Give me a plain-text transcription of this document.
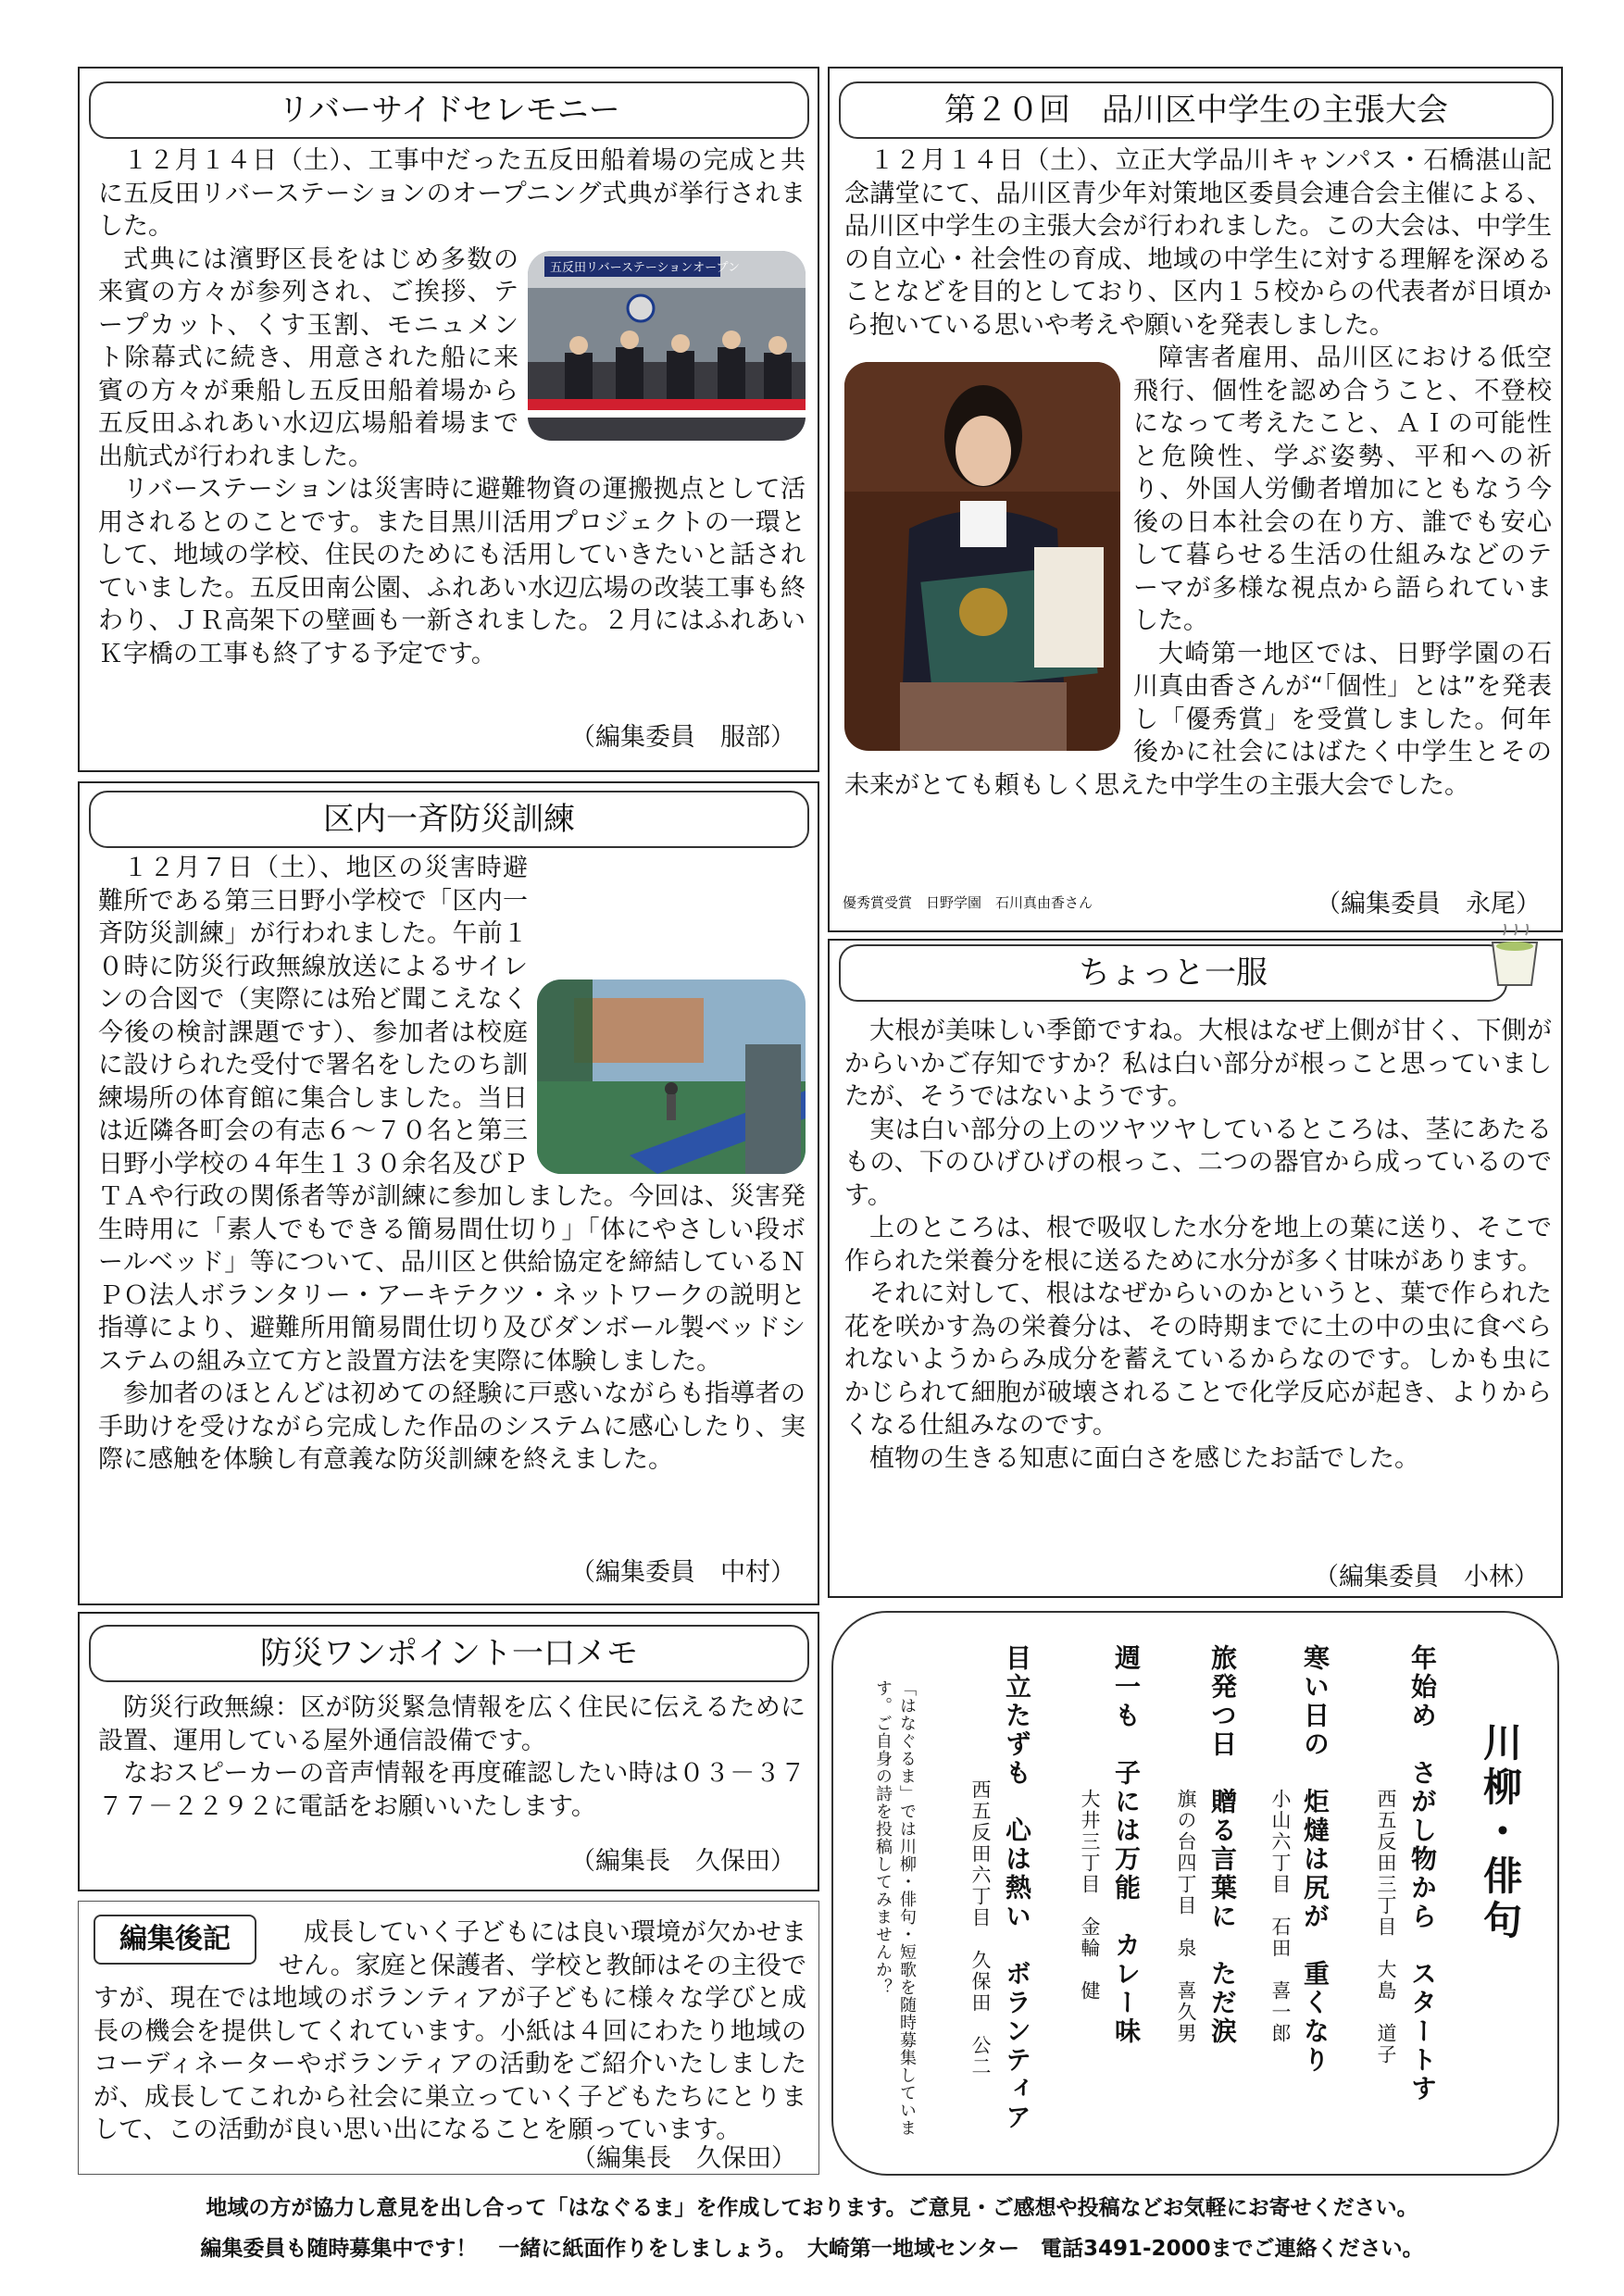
リバーサイドセレモニー

１２月１４日（土）、工事中だった五反田船着場の完成と共に五反田リバーステーションのオープニング式典が挙行されました。

五反田リバーステーションオープン

式典には濱野区長をはじめ多数の来賓の方々が参列され、ご挨拶、テープカット、くす玉割、モニュメント除幕式に続き、用意された船に来賓の方々が乗船し五反田船着場から五反田ふれあい水辺広場船着場まで出航式が行われました。

リバーステーションは災害時に避難物資の運搬拠点として活用されるとのことです。また目黒川活用プロジェクトの一環として、地域の学校、住民のためにも活用していきたいと話されていました。五反田南公園、ふれあい水辺広場の改装工事も終わり、ＪＲ高架下の壁画も一新されました。２月にはふれあいＫ字橋の工事も終了する予定です。

（編集委員　服部）
第２０回　品川区中学生の主張大会

１２月１４日（土）、立正大学品川キャンパス・石橋湛山記念講堂にて、品川区青少年対策地区委員会連合会主催による、品川区中学生の主張大会が行われました。この大会は、中学生の自立心・社会性の育成、地域の中学生に対する理解を深めることなどを目的としており、区内１５校からの代表者が日頃から抱いている思いや考えや願いを発表しました。

障害者雇用、品川区における低空飛行、個性を認め合うこと、不登校になって考えたこと、ＡＩの可能性と危険性、学ぶ姿勢、平和への祈り、外国人労働者増加にともなう今後の日本社会の在り方、誰でも安心して暮らせる生活の仕組みなどのテーマが多様な視点から語られていました。

大崎第一地区では、日野学園の石川真由香さんが“「個性」とは”を発表し「優秀賞」を受賞しました。何年後かに社会にはばたく中学生とその未来がとても頼もしく思えた中学生の主張大会でした。

優秀賞受賞　日野学園　石川真由香さん	（編集委員　永尾）
区内一斉防災訓練

１２月７日（土）、地区の災害時避難所である第三日野小学校で「区内一斉防災訓練」が行われました。午前１０時に防災行政無線放送によるサイレンの合図で（実際には殆ど聞こえなく今後の検討課題です）、参加者は校庭に設けられた受付で署名をしたのち訓練場所の体育館に集合しました。当日は近隣各町会の有志６～７０名と第三日野小学校の４年生１３０余名及びＰＴＡや行政の関係者等が訓練に参加しました。今回は、災害発生時用に「素人でもできる簡易間仕切り」「体にやさしい段ボールベッド」等について、品川区と供給協定を締結しているＮＰＯ法人ボランタリー・アーキテクツ・ネットワークの説明と指導により、避難所用簡易間仕切り及びダンボール製ベッドシステムの組み立て方と設置方法を実際に体験しました。

参加者のほとんどは初めての経験に戸惑いながらも指導者の手助けを受けながら完成した作品のシステムに感心したり、実際に感触を体験し有意義な防災訓練を終えました。

（編集委員　中村）
ちょっと一服

大根が美味しい季節ですね。大根はなぜ上側が甘く、下側がからいかご存知ですか？私は白い部分が根っこと思っていましたが、そうではないようです。

実は白い部分の上のツヤツヤしているところは、茎にあたるもの、下のひげひげの根っこ、二つの器官から成っているのです。

上のところは、根で吸収した水分を地上の葉に送り、そこで作られた栄養分を根に送るために水分が多く甘味があります。

それに対して、根はなぜからいのかというと、葉で作られた花を咲かす為の栄養分は、その時期までに土の中の虫に食べられないようからみ成分を蓄えているからなのです。しかも虫にかじられて細胞が破壊されることで化学反応が起き、よりからくなる仕組みなのです。

植物の生きる知恵に面白さを感じたお話でした。

（編集委員　小林）
防災ワンポイント一口メモ

防災行政無線：区が防災緊急情報を広く住民に伝えるために設置、運用している屋外通信設備です。

なおスピーカーの音声情報を再度確認したい時は０３－３７７７－２２９２に電話をお願いいたします。

（編集長　久保田）
編集後記	成長していく子どもには良い環境が欠かせません。家庭と保護者、学校と教師はその主役ですが、現在では地域のボランティアが子どもに様々な学びと成長の機会を提供してくれています。小紙は４回にわたり地域のコーディネーターやボランティアの活動をご紹介いたしましたが、成長してこれから社会に巣立っていく子どもたちにとりまして、この活動が良い思い出になることを願っています。
（編集長　久保田）
川柳・俳句
年始め　さがし物から　スタートす
西五反田三丁目　大島　道子
寒い日の　炬燵は尻が　重くなり
小山六丁目　石田　喜一郎
旅発つ日　贈る言葉に　ただ涙
旗の台四丁目　泉　喜久男
週一も　子には万能　カレー味
大井三丁目　金輪　健
目立たずも　心は熱い　ボランティア
西五反田六丁目　久保田　公二
「はなぐるま」では川柳・俳句・短歌を随時募集しています。ご自身の詩を投稿してみませんか？
地域の方が協力し意見を出し合って「はなぐるま」を作成しております。ご意見・ご感想や投稿などお気軽にお寄せください。
編集委員も随時募集中です！　一緒に紙面作りをしましょう。　大崎第一地域センター　電話3491-2000までご連絡ください。
